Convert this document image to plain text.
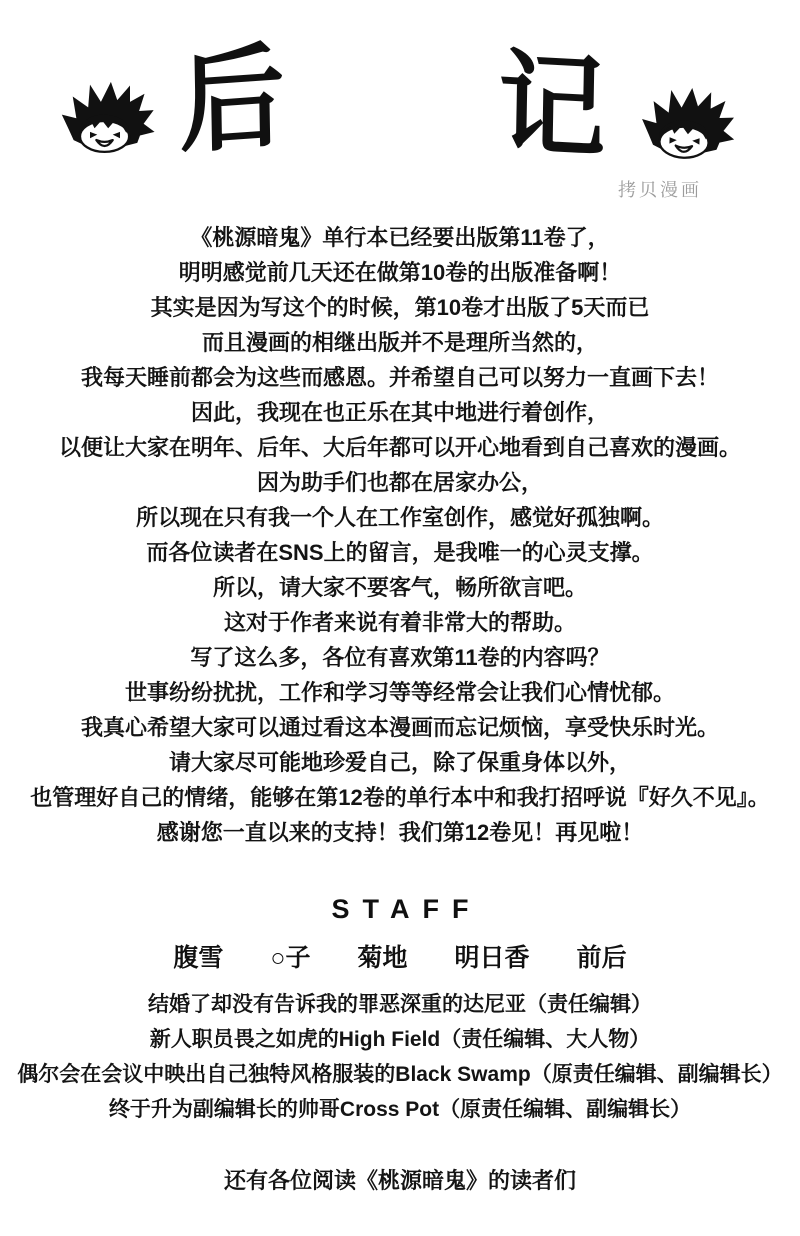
后 记
拷贝漫画
《桃源暗鬼》单行本已经要出版第11卷了，
明明感觉前几天还在做第10卷的出版准备啊！
其实是因为写这个的时候，第10卷才出版了5天而已
而且漫画的相继出版并不是理所当然的，
我每天睡前都会为这些而感恩。并希望自己可以努力一直画下去！
因此，我现在也正乐在其中地进行着创作，
以便让大家在明年、后年、大后年都可以开心地看到自己喜欢的漫画。
因为助手们也都在居家办公，
所以现在只有我一个人在工作室创作，感觉好孤独啊。
而各位读者在SNS上的留言，是我唯一的心灵支撑。
所以，请大家不要客气，畅所欲言吧。
这对于作者来说有着非常大的帮助。
写了这么多，各位有喜欢第11卷的内容吗？
世事纷纷扰扰，工作和学习等等经常会让我们心情忧郁。
我真心希望大家可以通过看这本漫画而忘记烦恼，享受快乐时光。
请大家尽可能地珍爱自己，除了保重身体以外，
也管理好自己的情绪，能够在第12卷的单行本中和我打招呼说『好久不见』。
感谢您一直以来的支持！我们第12卷见！再见啦！
STAFF
腹雪 ○子 菊地 明日香 前后
结婚了却没有告诉我的罪恶深重的达尼亚（责任编辑）
新人职员畏之如虎的High Field（责任编辑、大人物）
偶尔会在会议中映出自己独特风格服装的Black Swamp（原责任编辑、副编辑长）
终于升为副编辑长的帅哥Cross Pot（原责任编辑、副编辑长）
还有各位阅读《桃源暗鬼》的读者们
